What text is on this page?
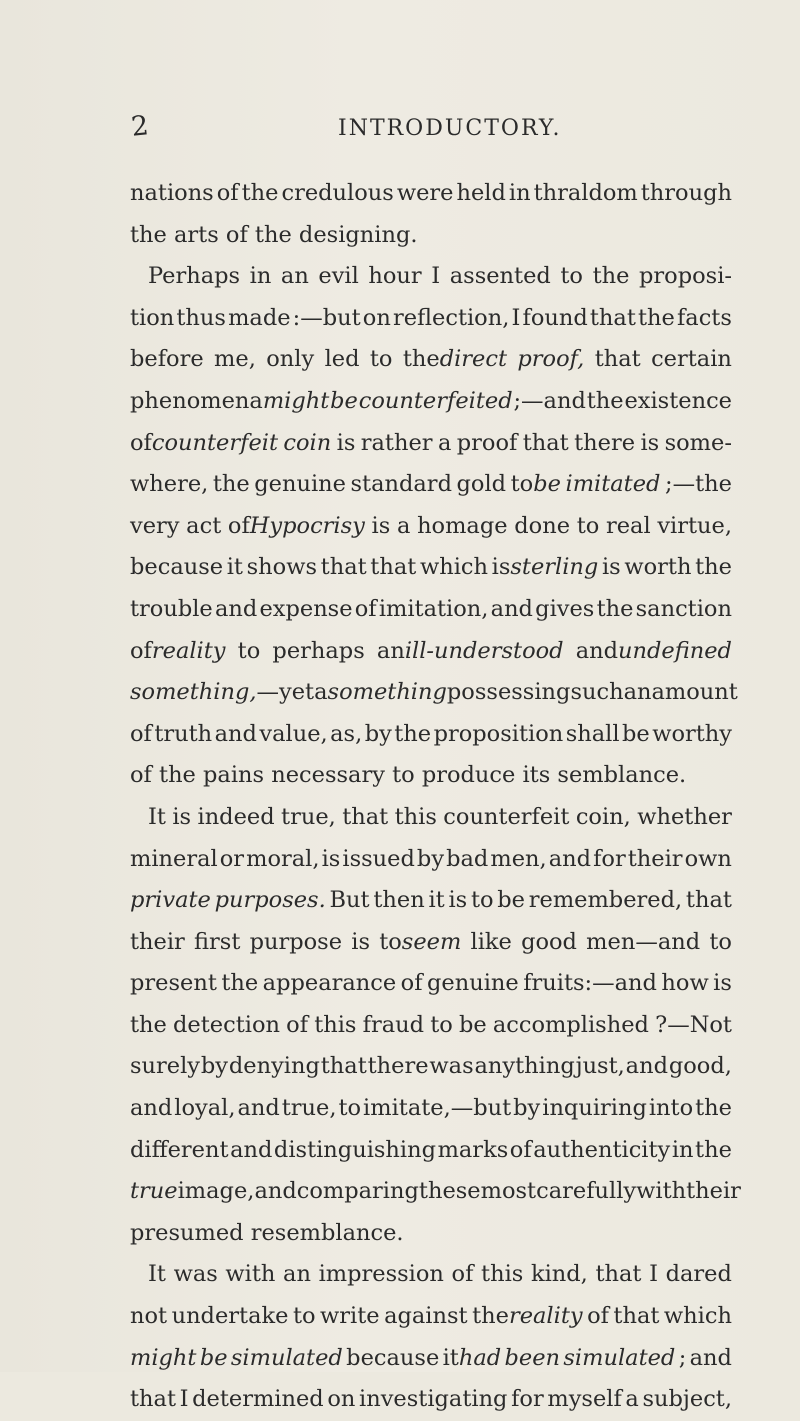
2	INTRODUCTORY.
nations of the credulous were held in thraldom through
the arts of the designing.
Perhaps in an evil hour I assented to the proposi-
tion thus made :—but on reflection, I found that the facts
before me, only led to thedirect proof, that certain
phenomenamight be counterfeited ;—and the existence
ofcounterfeit coin is rather a proof that there is some-
where, the genuine standard gold tobe imitated ;—the
very act ofHypocrisy is a homage done to real virtue,
because it shows that that which issterling is worth the
trouble and expense of imitation, and gives the sanction
ofreality to perhaps anill-understood andundefined
something,—yet asomething possessing such an amount
of truth and value, as, by the proposition shall be worthy
of the pains necessary to produce its semblance.
It is indeed true, that this counterfeit coin, whether
mineral or moral, is issued by bad men, and for their own
private purposes. But then it is to be remembered, that
their first purpose is toseem like good men—and to
present the appearance of genuine fruits:—and how is
the detection of this fraud to be accomplished ?—Not
surely by denying that there was anything just, and good,
and loyal, and true, to imitate,—but by inquiring into the
different and distinguishing marks of authenticity in the
true image, and comparing these most carefully with their
presumed resemblance.
It was with an impression of this kind, that I dared
not undertake to write against thereality of that which
might be simulated because ithad been simulated ; and
that I determined on investigating for myself a subject,
